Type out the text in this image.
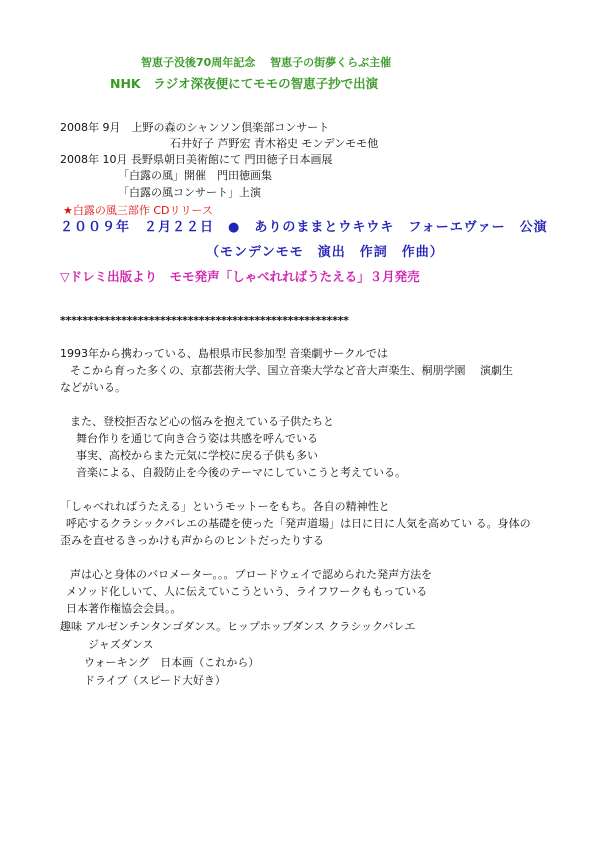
智恵子没後70周年記念　 智恵子の街夢くらぶ主催
NHK　ラジオ深夜便にてモモの智恵子抄で出演
2008年 9月　上野の森のシャンソン倶楽部コンサート
石井好子 芦野宏 青木裕史 モンデンモモ他
2008年 10月 長野県朝日美術館にて 門田徳子日本画展
「白露の風」開催　門田徳画集
「白露の風コンサート」上演
★白露の風三部作 CDリリース
２００９年　２月２２日　●　ありのままとウキウキ　フォーエヴァー　公演
（モンデンモモ　演出　作詞　作曲）
▽ドレミ出版より　モモ発声「しゃべれればうたえる」３月発売
****************************************************
1993年から携わっている、島根県市民参加型 音楽劇サークルでは
そこから育った多くの、京都芸術大学、国立音楽大学など音大声楽生、桐朋学園　 演劇生
などがいる。
また、登校拒否など心の悩みを抱えている子供たちと
舞台作りを通じて向き合う姿は共感を呼んでいる
事実、高校からまた元気に学校に戻る子供も多い
音楽による、自殺防止を今後のテーマにしていこうと考えている。
「しゃべれればうたえる」というモットーをもち。各自の精神性と
呼応するクラシックバレエの基礎を使った「発声道場」は日に日に人気を高めてい る。身体の
歪みを直せるきっかけも声からのヒントだったりする
声は心と身体のバロメーター。。。ブロードウェイで認められた発声方法を
メソッド化しいて、人に伝えていこうという、ライフワークももっている
日本著作権協会会員。。
趣味 アルゼンチンタンゴダンス。ヒップホップダンス クラシックバレエ
ジャズダンス
ウォーキング　日本画（これから）
ドライブ（スピード大好き）
